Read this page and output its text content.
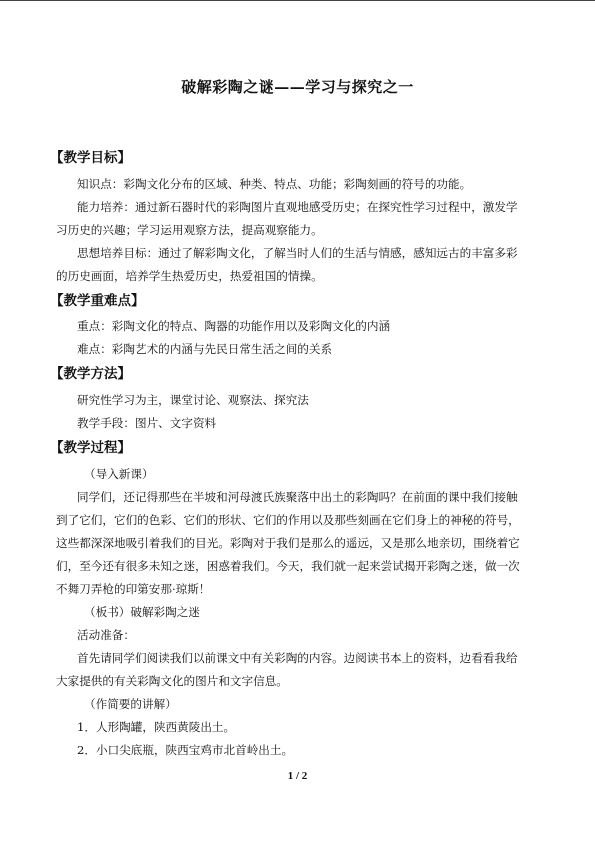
破解彩陶之谜——学习与探究之一
【教学目标】
知识点：彩陶文化分布的区域、种类、特点、功能；彩陶刻画的符号的功能。
能力培养：通过新石器时代的彩陶图片直观地感受历史；在探究性学习过程中，激发学
习历史的兴趣；学习运用观察方法，提高观察能力。
思想培养目标：通过了解彩陶文化，了解当时人们的生活与情感，感知远古的丰富多彩
的历史画面，培养学生热爱历史，热爱祖国的情操。
【教学重难点】
重点：彩陶文化的特点、陶器的功能作用以及彩陶文化的内涵
难点：彩陶艺术的内涵与先民日常生活之间的关系
【教学方法】
研究性学习为主，课堂讨论、观察法、探究法
教学手段：图片、文字资料
【教学过程】
（导入新课）
同学们，还记得那些在半坡和河母渡氏族聚落中出土的彩陶吗？在前面的课中我们接触
到了它们，它们的色彩、它们的形状、它们的作用以及那些刻画在它们身上的神秘的符号，
这些都深深地吸引着我们的目光。彩陶对于我们是那么的遥远，又是那么地亲切，围绕着它
们，至今还有很多未知之迷，困惑着我们。今天，我们就一起来尝试揭开彩陶之迷，做一次
不舞刀弄枪的印第安那·琼斯！
（板书）破解彩陶之迷
活动准备：
首先请同学们阅读我们以前课文中有关彩陶的内容。边阅读书本上的资料，边看看我给
大家提供的有关彩陶文化的图片和文字信息。
（作简要的讲解）
1．人形陶罐，陕西黄陵出土。
2．小口尖底瓶，陕西宝鸡市北首岭出土。
1 / 2
